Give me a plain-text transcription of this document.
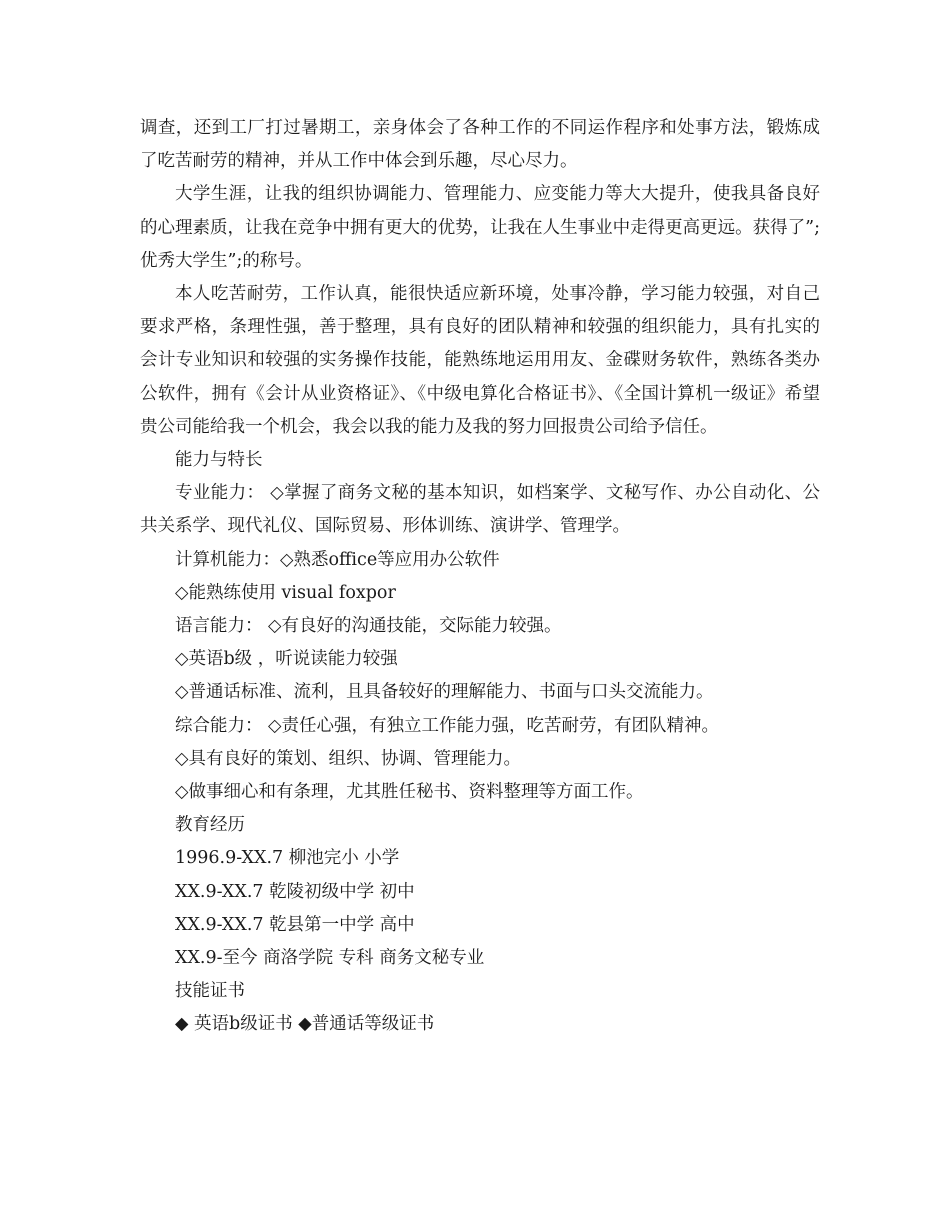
调查，还到工厂打过暑期工，亲身体会了各种工作的不同运作程序和处事方法，锻炼成了吃苦耐劳的精神，并从工作中体会到乐趣，尽心尽力。

大学生涯，让我的组织协调能力、管理能力、应变能力等大大提升，使我具备良好的心理素质，让我在竞争中拥有更大的优势，让我在人生事业中走得更高更远。获得了”;优秀大学生”;的称号。

本人吃苦耐劳，工作认真，能很快适应新环境，处事冷静，学习能力较强，对自己要求严格，条理性强，善于整理，具有良好的团队精神和较强的组织能力，具有扎实的会计专业知识和较强的实务操作技能，能熟练地运用用友、金碟财务软件，熟练各类办公软件，拥有《会计从业资格证》、《中级电算化合格证书》、《全国计算机一级证》希望贵公司能给我一个机会，我会以我的能力及我的努力回报贵公司给予信任。

能力与特长

专业能力： ◇掌握了商务文秘的基本知识，如档案学、文秘写作、办公自动化、公共关系学、现代礼仪、国际贸易、形体训练、演讲学、管理学。

计算机能力：◇熟悉office等应用办公软件

◇能熟练使用 visual foxpor

语言能力： ◇有良好的沟通技能，交际能力较强。

◇英语b级 ，听说读能力较强

◇普通话标准、流利，且具备较好的理解能力、书面与口头交流能力。

综合能力： ◇责任心强，有独立工作能力强，吃苦耐劳，有团队精神。

◇具有良好的策划、组织、协调、管理能力。

◇做事细心和有条理，尤其胜任秘书、资料整理等方面工作。

教育经历

1996.9-XX.7 柳池完小 小学

XX.9-XX.7 乾陵初级中学 初中

XX.9-XX.7 乾县第一中学 高中

XX.9-至今 商洛学院 专科 商务文秘专业

技能证书

◆ 英语b级证书 ◆普通话等级证书
